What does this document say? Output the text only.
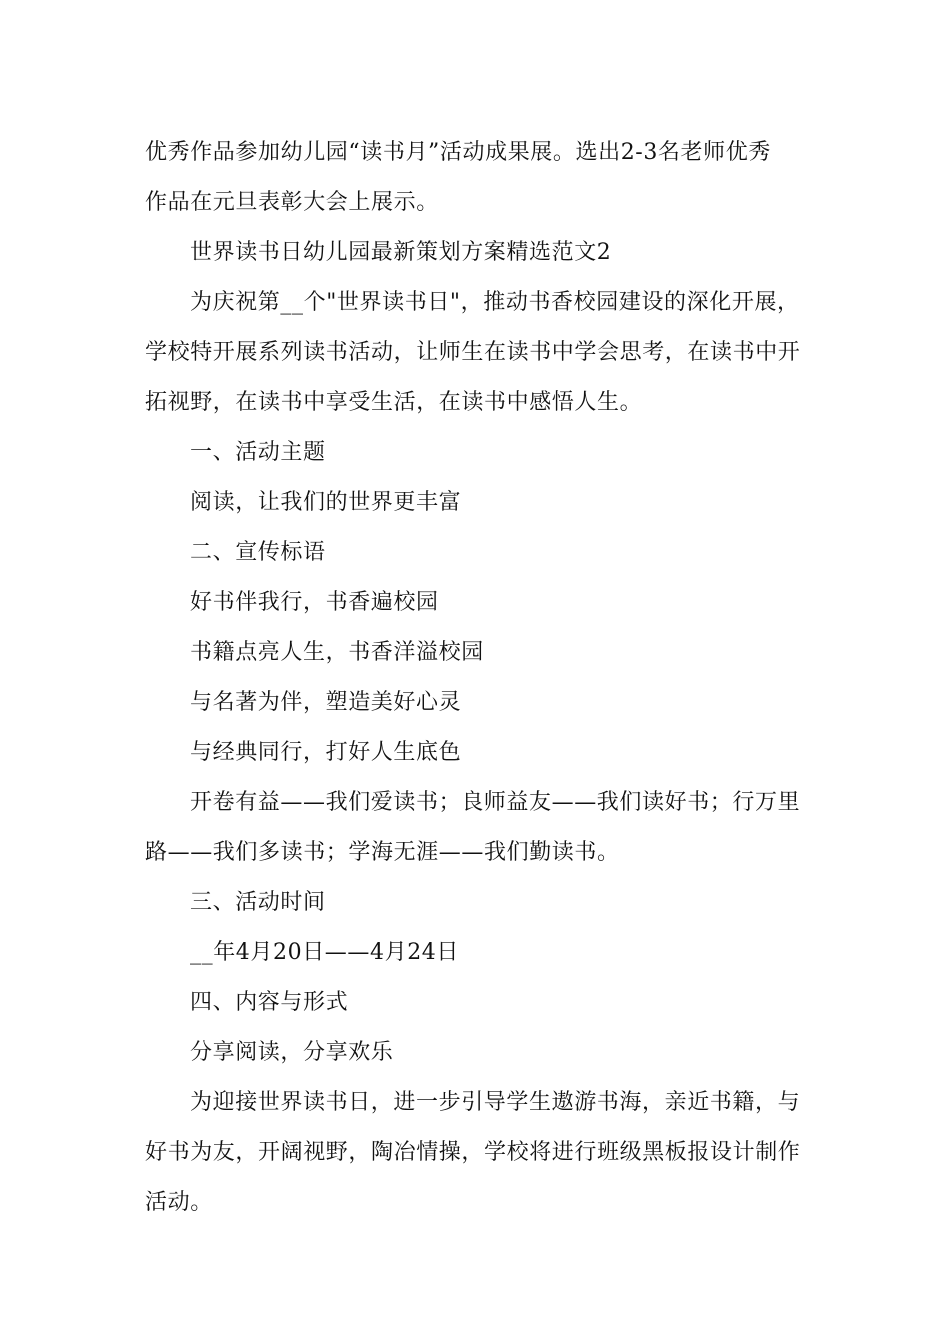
优秀作品参加幼儿园“读书月”活动成果展。选出2-3名老师优秀
作品在元旦表彰大会上展示。
世界读书日幼儿园最新策划方案精选范文2
为庆祝第__个"世界读书日"，推动书香校园建设的深化开展，
学校特开展系列读书活动，让师生在读书中学会思考，在读书中开
拓视野，在读书中享受生活，在读书中感悟人生。
一、活动主题
阅读，让我们的世界更丰富
二、宣传标语
好书伴我行，书香遍校园
书籍点亮人生，书香洋溢校园
与名著为伴，塑造美好心灵
与经典同行，打好人生底色
开卷有益——我们爱读书；良师益友——我们读好书；行万里
路——我们多读书；学海无涯——我们勤读书。
三、活动时间
__年4月20日——4月24日
四、内容与形式
分享阅读，分享欢乐
为迎接世界读书日，进一步引导学生遨游书海，亲近书籍，与
好书为友，开阔视野，陶冶情操，学校将进行班级黑板报设计制作
活动。
